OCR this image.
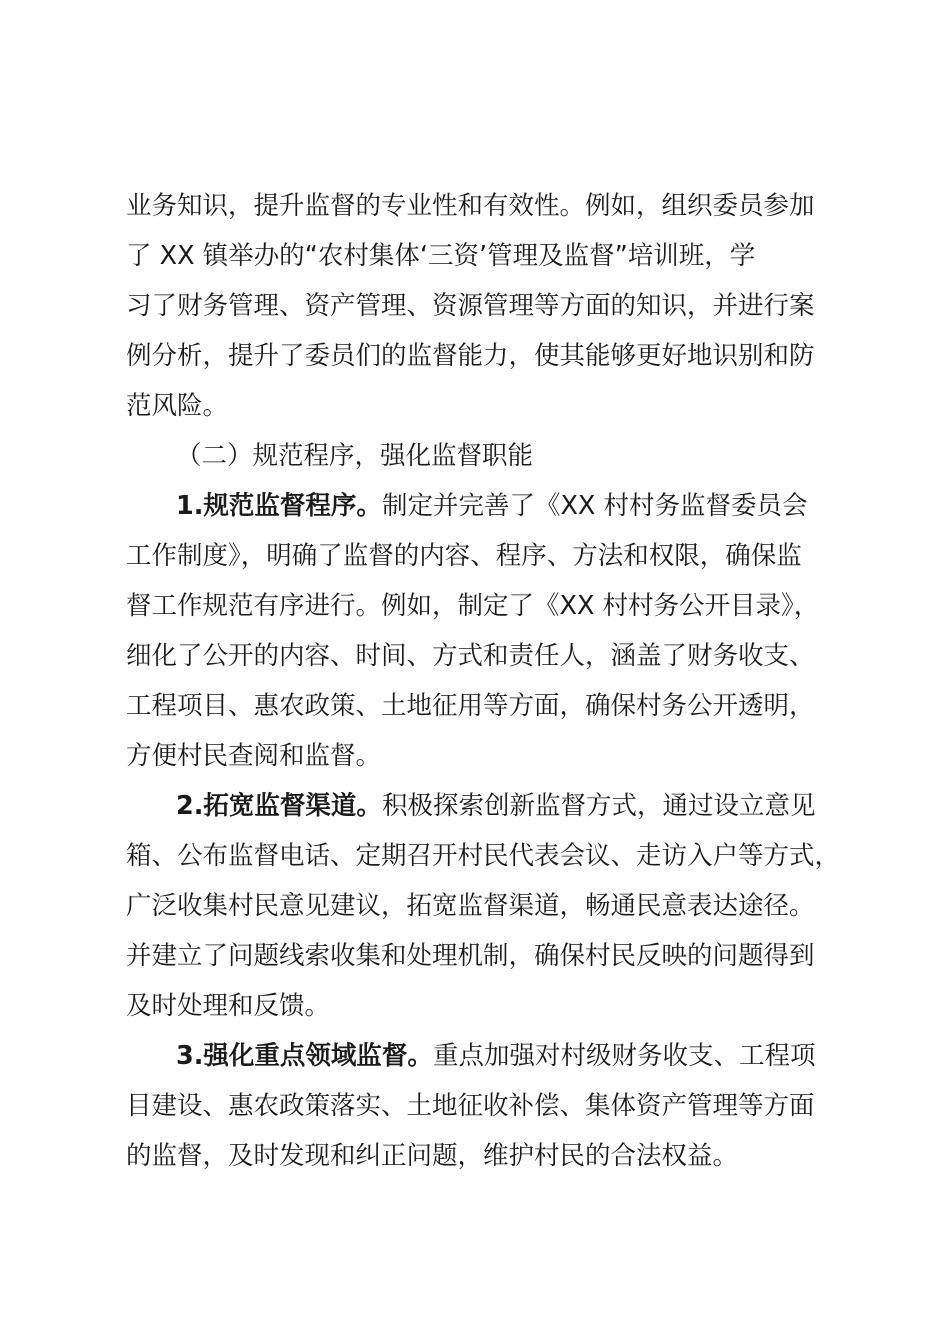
业务知识，提升监督的专业性和有效性。例如，组织委员参加
了 XX 镇举办的“农村集体‘三资’管理及监督”培训班，学
习了财务管理、资产管理、资源管理等方面的知识，并进行案
例分析，提升了委员们的监督能力，使其能够更好地识别和防
范风险。
（二）规范程序，强化监督职能
1.规范监督程序。制定并完善了《XX 村村务监督委员会
工作制度》，明确了监督的内容、程序、方法和权限，确保监
督工作规范有序进行。例如，制定了《XX 村村务公开目录》，
细化了公开的内容、时间、方式和责任人，涵盖了财务收支、
工程项目、惠农政策、土地征用等方面，确保村务公开透明，
方便村民查阅和监督。
2.拓宽监督渠道。积极探索创新监督方式，通过设立意见
箱、公布监督电话、定期召开村民代表会议、走访入户等方式，
广泛收集村民意见建议，拓宽监督渠道，畅通民意表达途径。
并建立了问题线索收集和处理机制，确保村民反映的问题得到
及时处理和反馈。
3.强化重点领域监督。重点加强对村级财务收支、工程项
目建设、惠农政策落实、土地征收补偿、集体资产管理等方面
的监督，及时发现和纠正问题，维护村民的合法权益。
